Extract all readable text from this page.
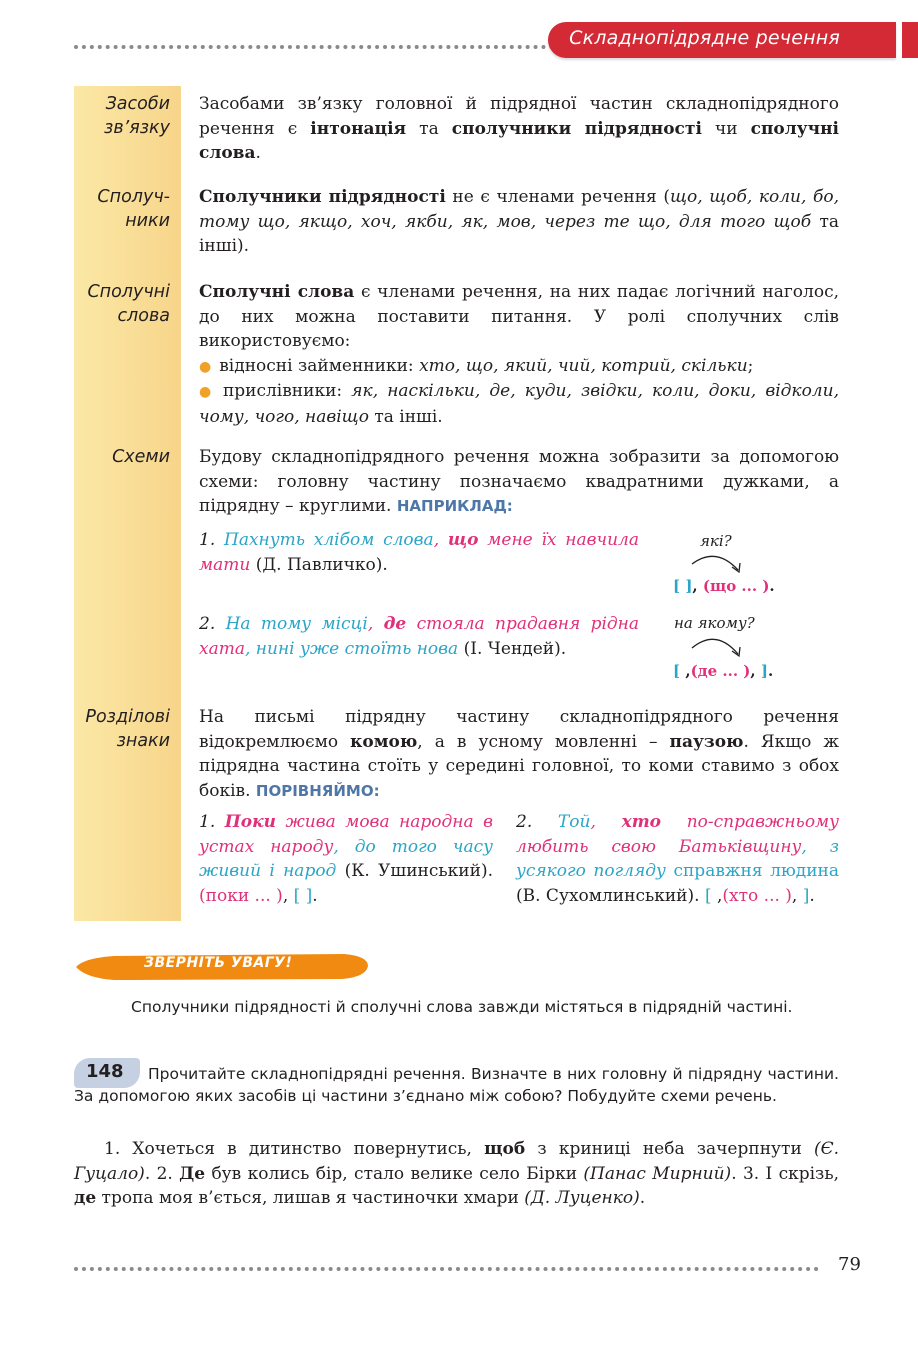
Складнопідрядне речення
Засоби
зв’язку
Сполуч-
ники
Сполучні
слова
Схеми
Розділові
знаки
Засобами зв’язку головної й підрядної частин складнопідрядного речення є інтонація та сполучники підрядності чи сполучні слова.
Сполучники підрядності не є членами речення (що, щоб, коли, бо, тому що, якщо, хоч, якби, як, мов, через те що, для того щоб та інші).
Сполучні слова є членами речення, на них падає логічний наголос, до них можна поставити питання. У ролі сполучних слів використовуємо:
● відносні займенники: хто, що, який, чий, котрий, скільки;
● прислівники: як, наскільки, де, куди, звідки, коли, доки, відколи, чому, чого, навіщо та інші.
Будову складнопідрядного речення можна зобразити за допомогою схеми: головну частину позначаємо квадратними дужками, а підрядну – круглими. НАПРИКЛАД:
1. Пахнуть хлібом слова, що мене їх навчила мати (Д. Павличко).
які?
[ ], (що ... ).
2. На тому місці, де стояла прадавня рідна хата, нині уже стоїть нова (І. Чендей).
на якому?
[ ,(де ... ), ].
На письмі підрядну частину складнопідрядного речення відокремлюємо комою, а в усному мовленні – паузою. Якщо ж підрядна частина стоїть у середині головної, то коми ставимо з обох боків. ПОРІВНЯЙМО:
1. Поки жива мова народна в устах народу, до того часу живий і народ (К. Ушинський). (поки ... ), [ ].
2. Той, хто по-справжньому любить свою Батьківщину, з усякого погляду справжня людина (В. Сухомлинський). [ ,(хто ... ), ].
ЗВЕРНІТЬ УВАГУ!
Сполучники підрядності й сполучні слова завжди містяться в підрядній частині.
148	Прочитайте складнопідрядні речення. Визначте в них головну й підрядну частини. За допомогою яких засобів ці частини з’єднано між собою? Побудуйте схеми речень.
1. Хочеться в дитинство повернутись, щоб з криниці неба зачерпнути (Є. Гуцало). 2. Де був колись бір, стало велике село Бірки (Панас Мирний). 3. І скрізь, де тропа моя в’ється, лишав я частиночки хмари (Д. Луценко).
79
